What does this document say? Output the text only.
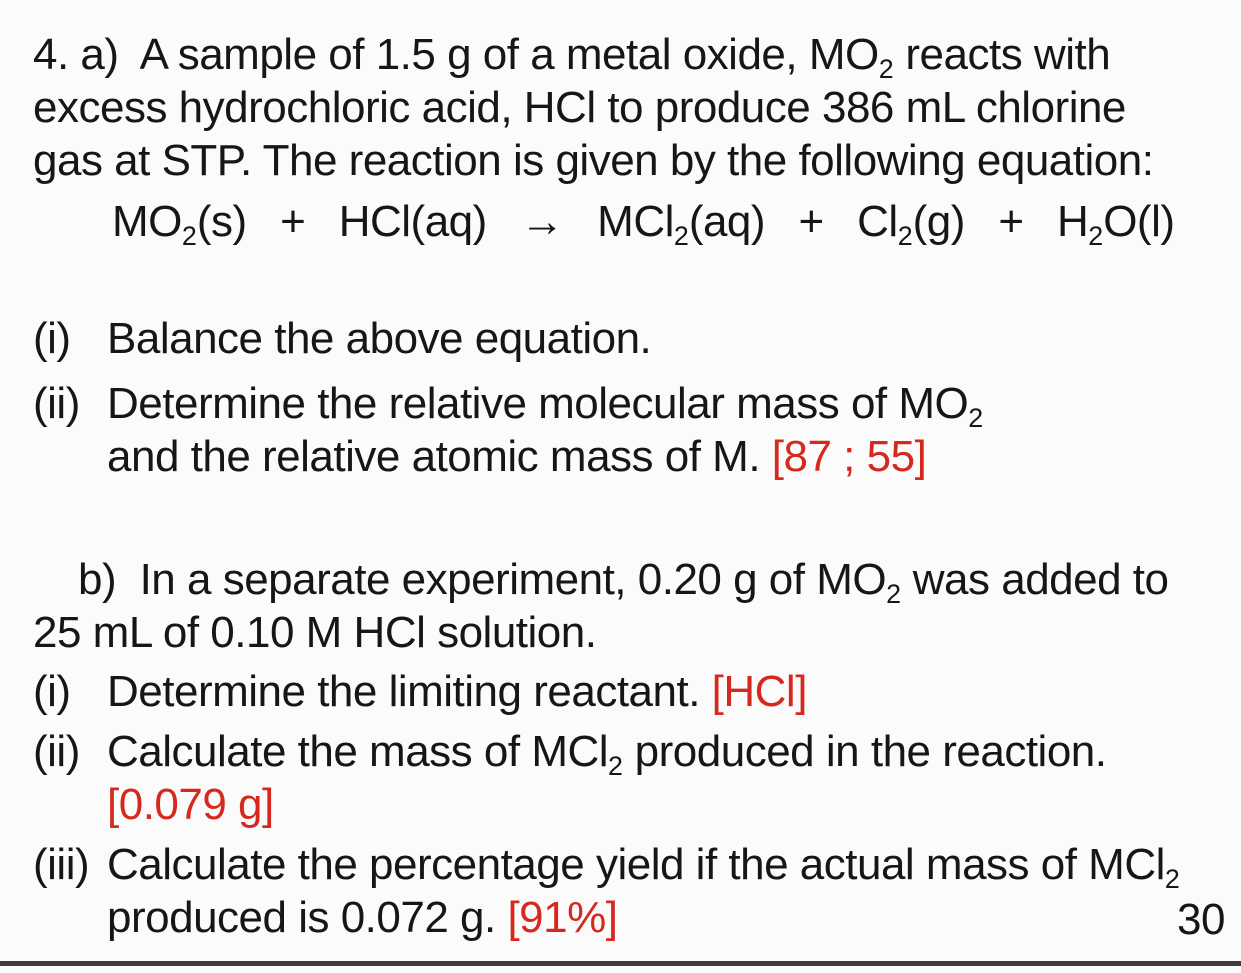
4. a)  A sample of 1.5 g of a metal oxide, $MO_2$ reacts with
excess hydrochloric acid, HCl to produce 386 mL chlorine
gas at STP. The reaction is given by the following equation:
$MO_2(s) + HCl(aq) \to MCl_2(aq) + Cl_2(g) + H_2O(l)$
(i) Balance the above equation.
(ii) Determine the relative molecular mass of $MO_2$
and the relative atomic mass of M. [87 ; 55]
b)  In a separate experiment, 0.20 g of $MO_2$ was added to
25 mL of 0.10 M HCl solution.
(i) Determine the limiting reactant. [HCl]
(ii) Calculate the mass of MCl$_2$ produced in the reaction.
[0.079 g]
(iii) Calculate the percentage yield if the actual mass of MCl$_2$
produced is 0.072 g. [91%]	30
